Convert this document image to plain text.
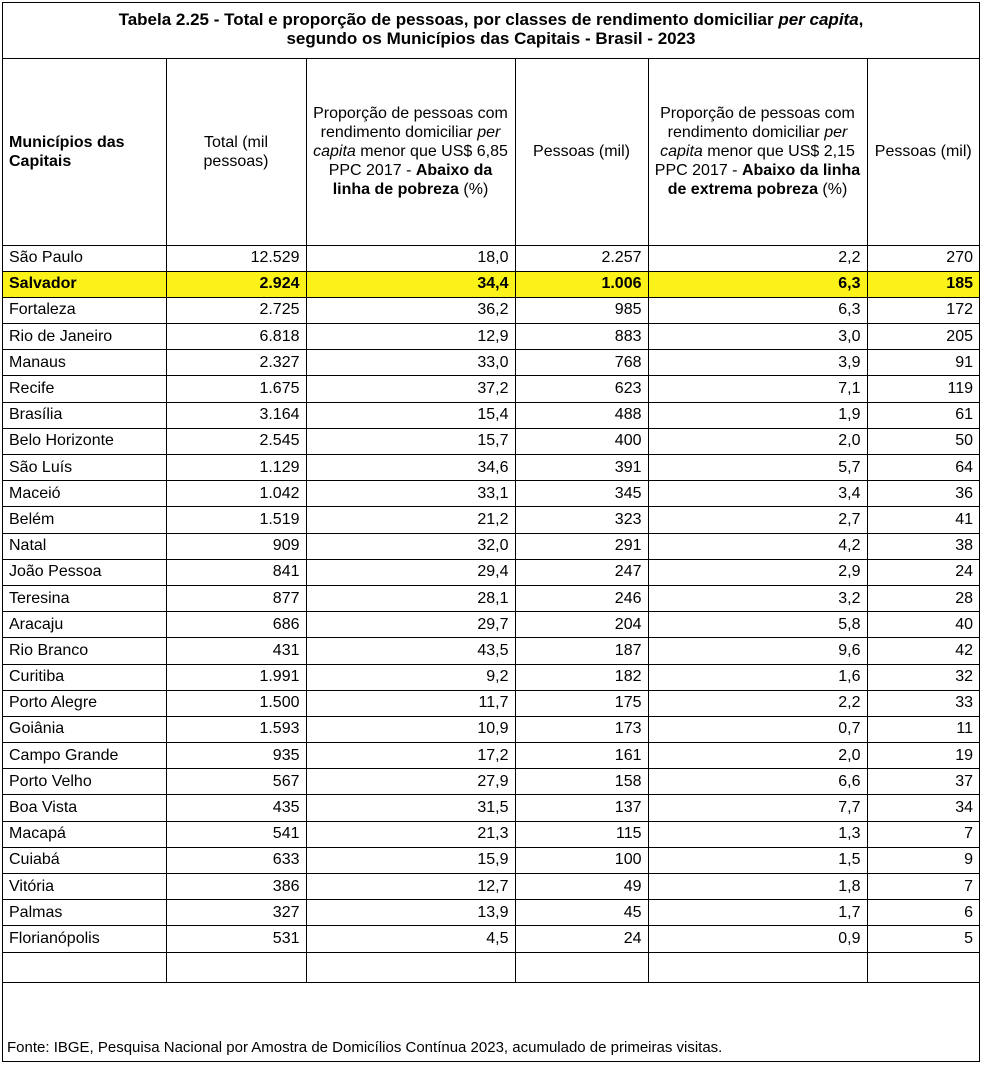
Tabela 2.25 - Total e proporção de pessoas, por classes de rendimento domiciliar per capita,
segundo os Municípios das Capitais - Brasil - 2023
Municípios das Capitais	Total (mil pessoas)	Proporção de pessoas com rendimento domiciliar per capita menor que US$ 6,85 PPC 2017 - Abaixo da linha de pobreza (%)	Pessoas (mil)	Proporção de pessoas com rendimento domiciliar per capita menor que US$ 2,15 PPC 2017 - Abaixo da linha de extrema pobreza (%)	Pessoas (mil)
São Paulo	12.529	18,0	2.257	2,2	270
Salvador	2.924	34,4	1.006	6,3	185
Fortaleza	2.725	36,2	985	6,3	172
Rio de Janeiro	6.818	12,9	883	3,0	205
Manaus	2.327	33,0	768	3,9	91
Recife	1.675	37,2	623	7,1	119
Brasília	3.164	15,4	488	1,9	61
Belo Horizonte	2.545	15,7	400	2,0	50
São Luís	1.129	34,6	391	5,7	64
Maceió	1.042	33,1	345	3,4	36
Belém	1.519	21,2	323	2,7	41
Natal	909	32,0	291	4,2	38
João Pessoa	841	29,4	247	2,9	24
Teresina	877	28,1	246	3,2	28
Aracaju	686	29,7	204	5,8	40
Rio Branco	431	43,5	187	9,6	42
Curitiba	1.991	9,2	182	1,6	32
Porto Alegre	1.500	11,7	175	2,2	33
Goiânia	1.593	10,9	173	0,7	11
Campo Grande	935	17,2	161	2,0	19
Porto Velho	567	27,9	158	6,6	37
Boa Vista	435	31,5	137	7,7	34
Macapá	541	21,3	115	1,3	7
Cuiabá	633	15,9	100	1,5	9
Vitória	386	12,7	49	1,8	7
Palmas	327	13,9	45	1,7	6
Florianópolis	531	4,5	24	0,9	5

Fonte: IBGE, Pesquisa Nacional por Amostra de Domicílios Contínua 2023, acumulado de primeiras visitas.
